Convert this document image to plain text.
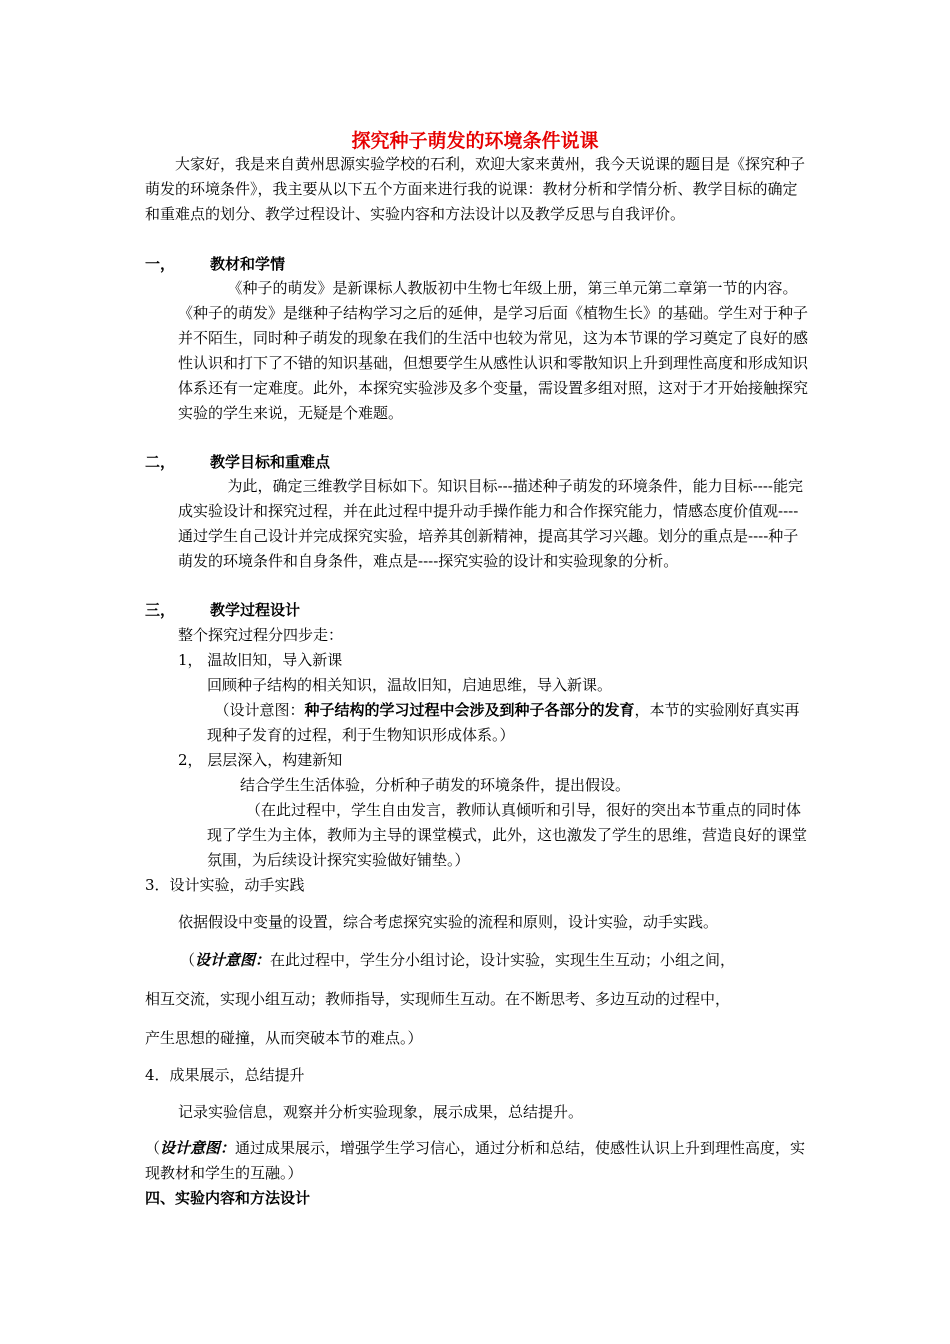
探究种子萌发的环境条件说课

大家好，我是来自黄州思源实验学校的石利，欢迎大家来黄州，我今天说课的题目是《探究种子萌发的环境条件》，我主要从以下五个方面来进行我的说课：教材分析和学情分析、教学目标的确定和重难点的划分、教学过程设计、实验内容和方法设计以及教学反思与自我评价。

一， 教材和学情

《种子的萌发》是新课标人教版初中生物七年级上册，第三单元第二章第一节的内容。《种子的萌发》是继种子结构学习之后的延伸，是学习后面《植物生长》的基础。学生对于种子并不陌生，同时种子萌发的现象在我们的生活中也较为常见，这为本节课的学习奠定了良好的感性认识和打下了不错的知识基础，但想要学生从感性认识和零散知识上升到理性高度和形成知识体系还有一定难度。此外，本探究实验涉及多个变量，需设置多组对照，这对于才开始接触探究实验的学生来说，无疑是个难题。

二， 教学目标和重难点

为此，确定三维教学目标如下。知识目标---描述种子萌发的环境条件，能力目标----能完成实验设计和探究过程，并在此过程中提升动手操作能力和合作探究能力，情感态度价值观----通过学生自己设计并完成探究实验，培养其创新精神，提高其学习兴趣。划分的重点是----种子萌发的环境条件和自身条件，难点是----探究实验的设计和实验现象的分析。

三， 教学过程设计
整个探究过程分四步走：
1， 温故旧知，导入新课
回顾种子结构的相关知识，温故旧知，启迪思维，导入新课。

（设计意图：种子结构的学习过程中会涉及到种子各部分的发育，本节的实验刚好真实再现种子发育的过程，利于生物知识形成体系。）

2， 层层深入，构建新知
结合学生生活体验，分析种子萌发的环境条件，提出假设。

（在此过程中，学生自由发言，教师认真倾听和引导，很好的突出本节重点的同时体现了学生为主体，教师为主导的课堂模式，此外，这也激发了学生的思维，营造良好的课堂氛围，为后续设计探究实验做好铺垫。）

3．设计实验，动手实践
依据假设中变量的设置，综合考虑探究实验的流程和原则，设计实验，动手实践。
（设计意图：在此过程中，学生分小组讨论，设计实验，实现生生互动；小组之间，
相互交流，实现小组互动；教师指导，实现师生互动。在不断思考、多边互动的过程中，
产生思想的碰撞，从而突破本节的难点。）
4．成果展示，总结提升
记录实验信息，观察并分析实验现象，展示成果，总结提升。

（设计意图：通过成果展示，增强学生学习信心，通过分析和总结，使感性认识上升到理性高度，实现教材和学生的互融。）

四、实验内容和方法设计
